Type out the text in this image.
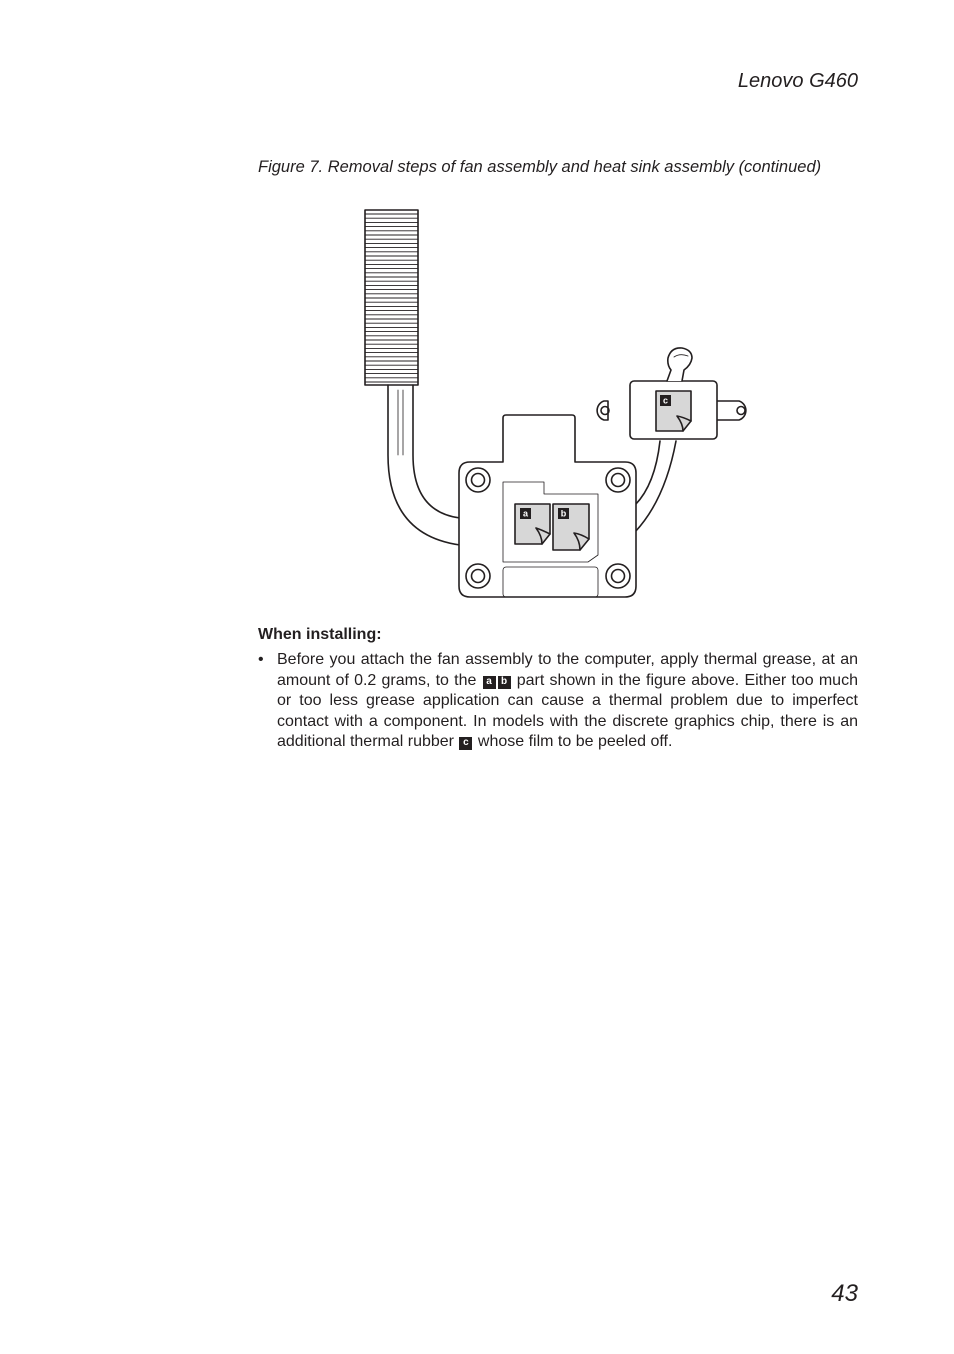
Lenovo G460
Figure 7. Removal steps of fan assembly and heat sink assembly (continued)
a	b
c
When installing:
• Before you attach the fan assembly to the computer, apply thermal grease, at an amount of 0.2 grams, to the a b part shown in the figure above. Either too much or too less grease application can cause a thermal problem due to imperfect contact with a component. In models with the discrete graphics chip, there is an additional thermal rubber c whose film to be peeled off.
43
